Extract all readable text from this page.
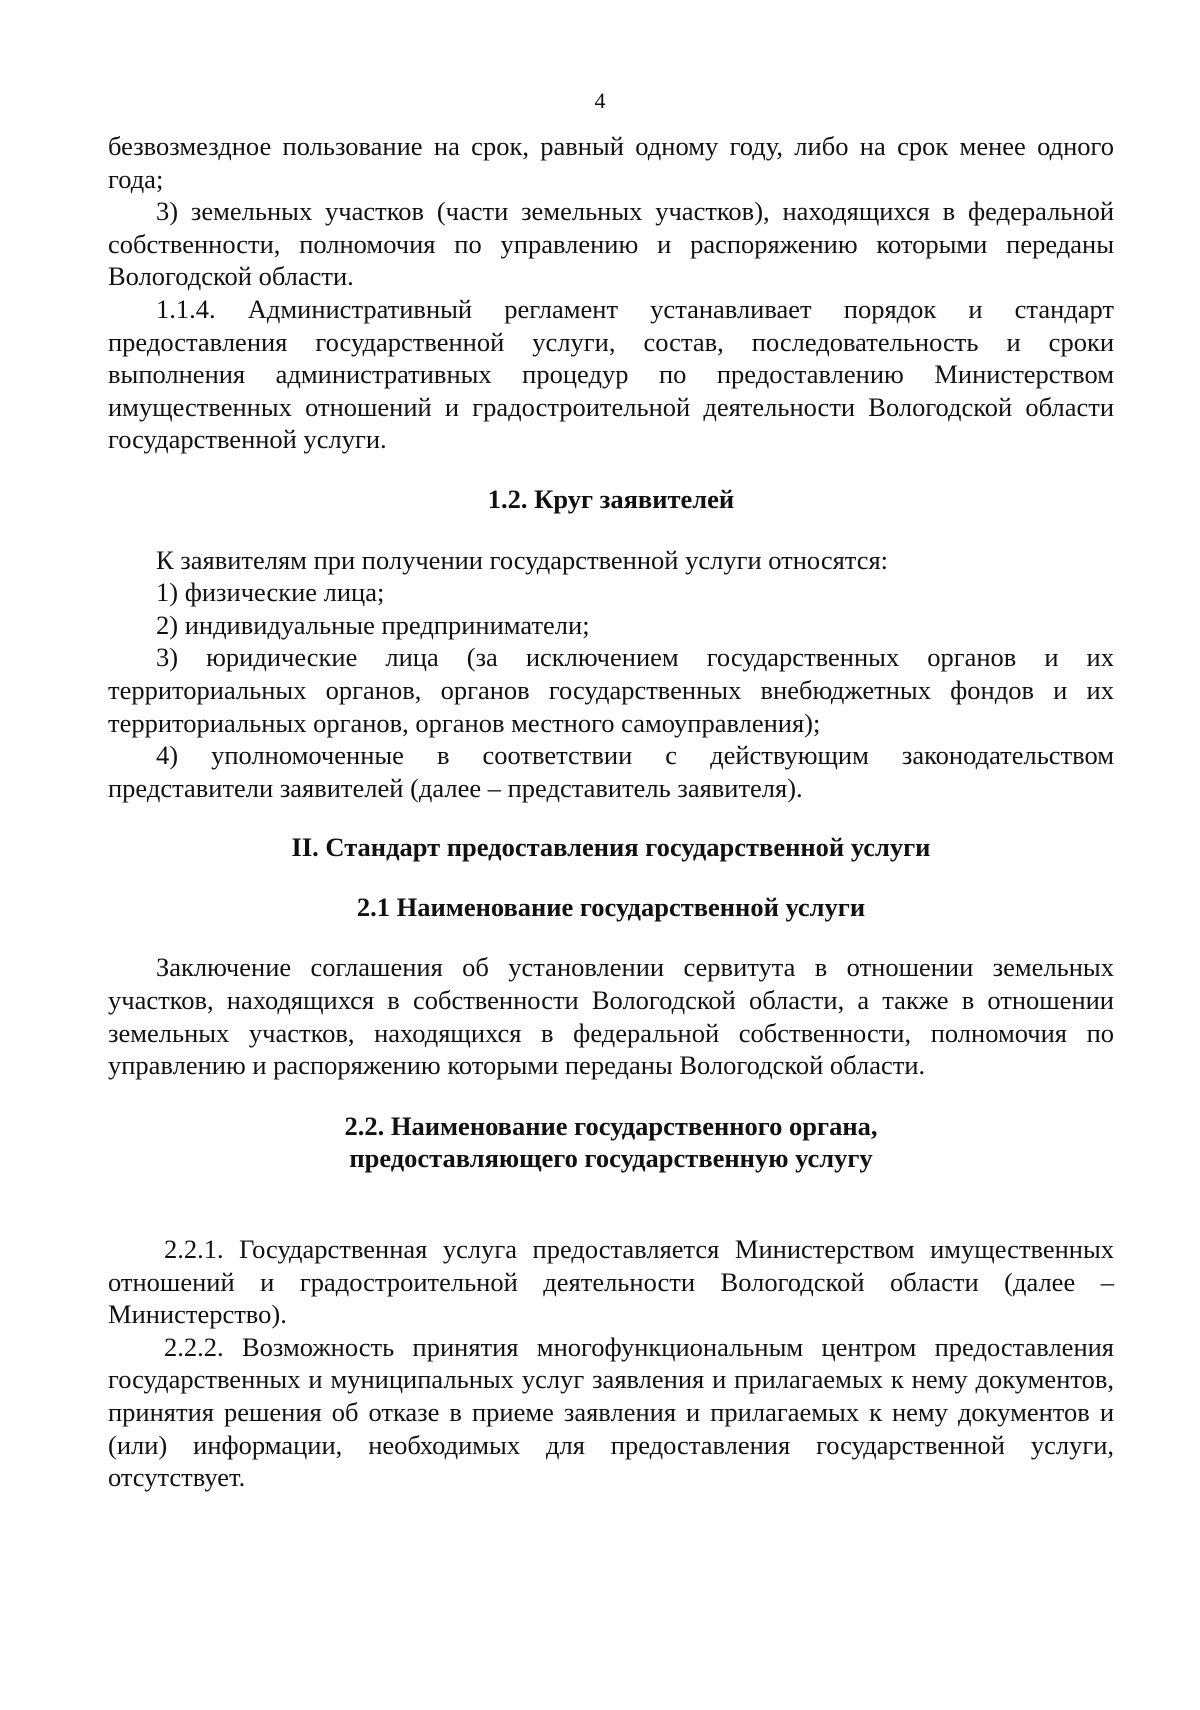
4

безвозмездное пользование на срок, равный одному году, либо на срок менее одного года;

3) земельных участков (части земельных участков), находящихся в федеральной собственности, полномочия по управлению и распоряжению которыми переданы Вологодской области.

1.1.4. Административный регламент устанавливает порядок и стандарт предоставления государственной услуги, состав, последовательность и сроки выполнения административных процедур по предоставлению Министерством имущественных отношений и градостроительной деятельности Вологодской области государственной услуги.

1.2. Круг заявителей

К заявителям при получении государственной услуги относятся:

1) физические лица;

2) индивидуальные предприниматели;

3) юридические лица (за исключением государственных органов и их территориальных органов, органов государственных внебюджетных фондов и их территориальных органов, органов местного самоуправления);

4) уполномоченные в соответствии с действующим законодательством представители заявителей (далее – представитель заявителя).

II. Стандарт предоставления государственной услуги

2.1 Наименование государственной услуги

Заключение соглашения об установлении сервитута в отношении земельных участков, находящихся в собственности Вологодской области, а также в отношении земельных участков, находящихся в федеральной собственности, полномочия по управлению и распоряжению которыми переданы Вологодской области.

2.2. Наименование государственного органа,
предоставляющего государственную услугу

2.2.1. Государственная услуга предоставляется Министерством имущественных отношений и градостроительной деятельности Вологодской области (далее – Министерство).

2.2.2. Возможность принятия многофункциональным центром предоставления государственных и муниципальных услуг заявления и прилагаемых к нему документов, принятия решения об отказе в приеме заявления и прилагаемых к нему документов и (или) информации, необходимых для предоставления государственной услуги, отсутствует.
